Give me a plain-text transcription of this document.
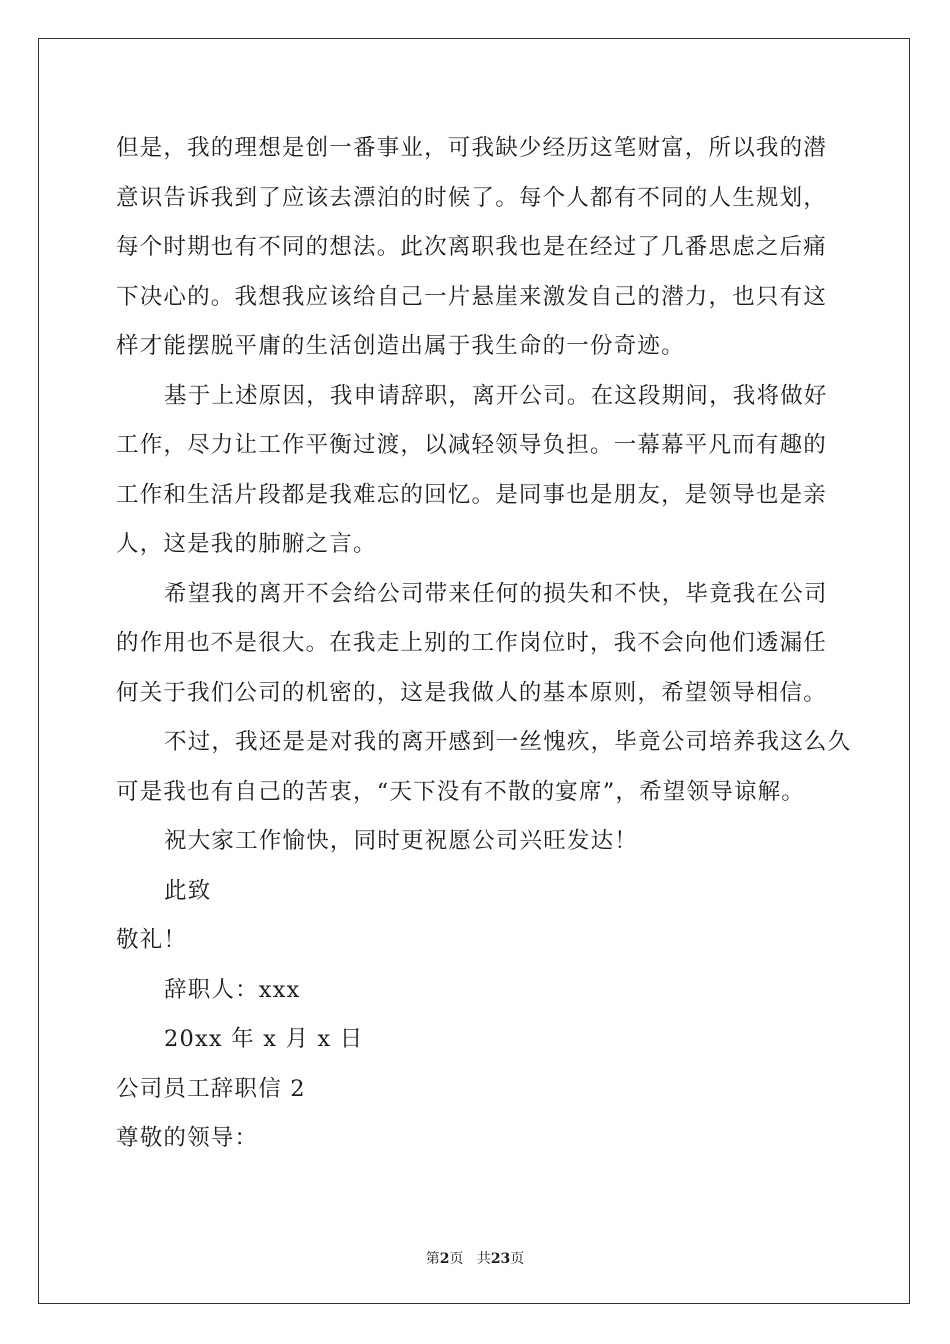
但是，我的理想是创一番事业，可我缺少经历这笔财富，所以我的潜
意识告诉我到了应该去漂泊的时候了。每个人都有不同的人生规划，
每个时期也有不同的想法。此次离职我也是在经过了几番思虑之后痛
下决心的。我想我应该给自己一片悬崖来激发自己的潜力，也只有这
样才能摆脱平庸的生活创造出属于我生命的一份奇迹。
基于上述原因，我申请辞职，离开公司。在这段期间，我将做好
工作，尽力让工作平衡过渡，以减轻领导负担。一幕幕平凡而有趣的
工作和生活片段都是我难忘的回忆。是同事也是朋友，是领导也是亲
人，这是我的肺腑之言。
希望我的离开不会给公司带来任何的损失和不快，毕竟我在公司
的作用也不是很大。在我走上别的工作岗位时，我不会向他们透漏任
何关于我们公司的机密的，这是我做人的基本原则，希望领导相信。
不过，我还是是对我的离开感到一丝愧疚，毕竟公司培养我这么久
可是我也有自己的苦衷，“天下没有不散的宴席”，希望领导谅解。
祝大家工作愉快，同时更祝愿公司兴旺发达！
此致
敬礼！
辞职人：xxx
20xx 年 x 月 x 日
公司员工辞职信 2
尊敬的领导：
第2页 共23页
